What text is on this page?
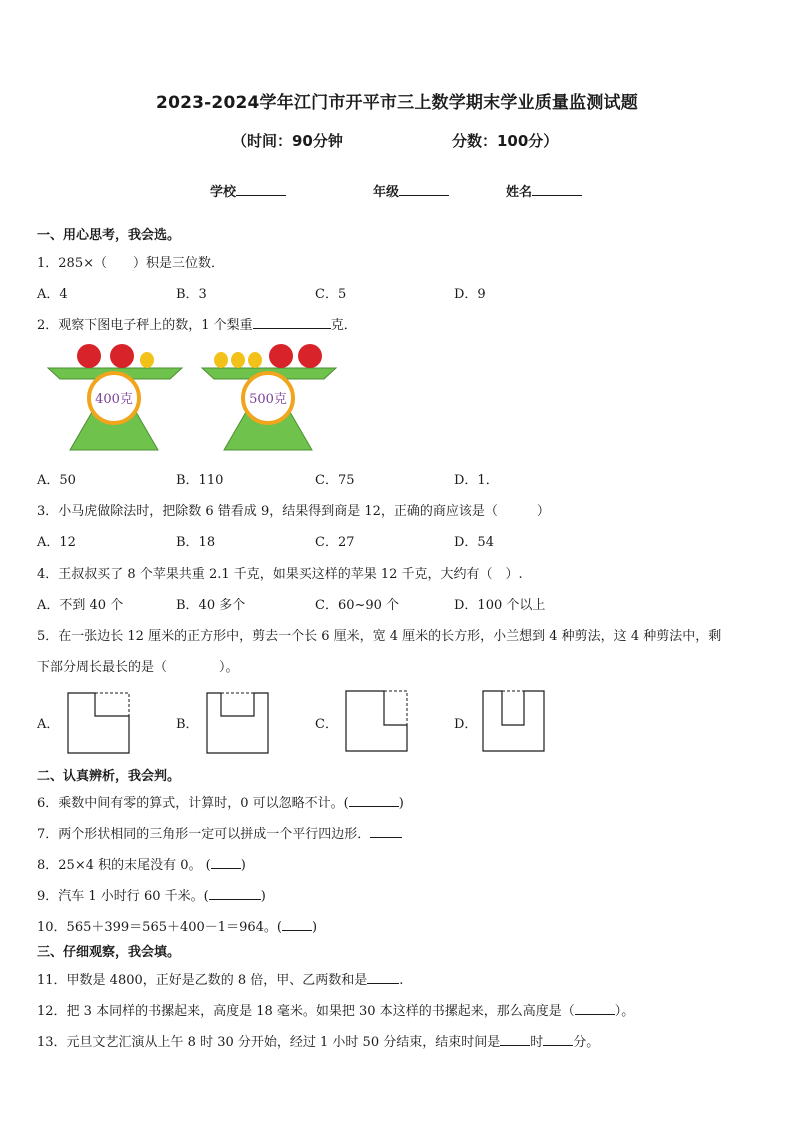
2023-2024学年江门市开平市三上数学期末学业质量监测试题
（时间：90分钟	分数：100分）
学校	年级	姓名
一、用心思考，我会选。
1．285×（　　）积是三位数．
A．4	B．3	C．5	D．9
2．观察下图电子秤上的数，1 个梨重	克．
400克	500克
A．50	B．110	C．75	D．1．
3．小马虎做除法时，把除数 6 错看成 9，结果得到商是 12，正确的商应该是（　　　）
A．12	B．18	C．27	D．54
4．王叔叔买了 8 个苹果共重 2.1 千克，如果买这样的苹果 12 千克，大约有（　）.
A．不到 40 个	B．40 多个	C．60~90 个	D．100 个以上
5．在一张边长 12 厘米的正方形中，剪去一个长 6 厘米，宽 4 厘米的长方形，小兰想到 4 种剪法，这 4 种剪法中，剩
下部分周长最长的是（　　　　）。
A．	B．	C．	D．
二、认真辨析，我会判。
6．乘数中间有零的算式，计算时，0 可以忽略不计。(	)
7．两个形状相同的三角形一定可以拼成一个平行四边形．
8．25×4 积的末尾没有 0。 ( )
9．汽车 1 小时行 60 千米。(	)
10．565＋399＝565＋400－1＝964。( )
三、仔细观察，我会填。
11．甲数是 4800，正好是乙数的 8 倍，甲、乙两数和是 .
12．把 3 本同样的书摞起来，高度是 18 毫米。如果把 30 本这样的书摞起来，那么高度是（	）。
13．元旦文艺汇演从上午 8 时 30 分开始，经过 1 小时 50 分结束，结束时间是 时 分。
